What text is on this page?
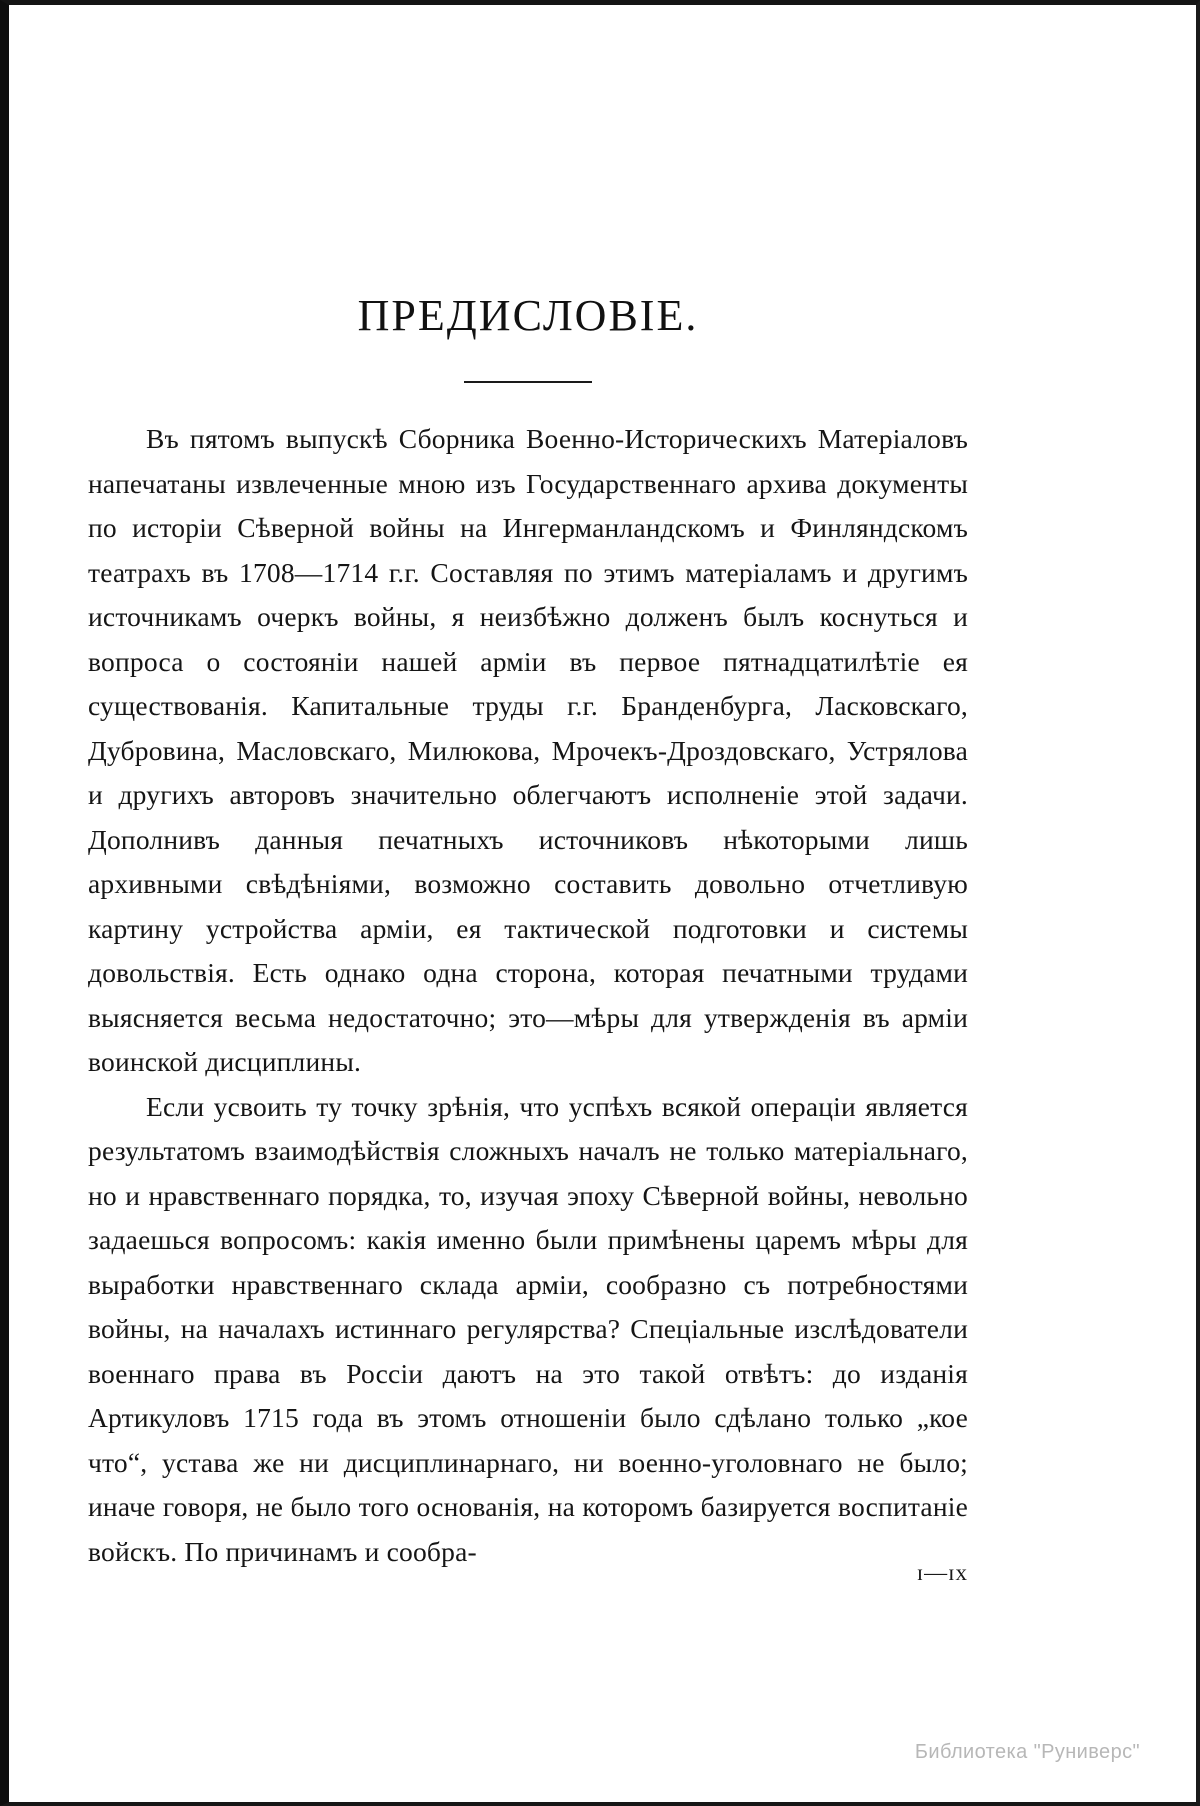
ПРЕДИСЛОВІЕ.

Въ пятомъ выпускѣ Сборника Военно-Историческихъ Матеріаловъ напечатаны извлеченные мною изъ Государственнаго архива документы по исторіи Сѣверной войны на Ингерманландскомъ и Финляндскомъ театрахъ въ 1708—1714 г.г. Составляя по этимъ матеріаламъ и другимъ источникамъ очеркъ войны, я неизбѣжно долженъ былъ коснуться и вопроса о состояніи нашей арміи въ первое пятнадцатилѣтіе ея существованія. Капитальные труды г.г. Бранденбурга, Ласковскаго, Дубровина, Масловскаго, Милюкова, Мрочекъ-Дроздовскаго, Устрялова и другихъ авторовъ значительно облегчаютъ исполненіе этой задачи. Дополнивъ данныя печатныхъ источниковъ нѣкоторыми лишь архивными свѣдѣніями, возможно составить довольно отчетливую картину устройства арміи, ея тактической подготовки и системы довольствія. Есть однако одна сторона, которая печатными трудами выясняется весьма недостаточно; это—мѣры для утвержденія въ арміи воинской дисциплины.

Если усвоить ту точку зрѣнія, что успѣхъ всякой операціи является результатомъ взаимодѣйствія сложныхъ началъ не только матеріальнаго, но и нравственнаго порядка, то, изучая эпоху Сѣверной войны, невольно задаешься вопросомъ: какія именно были примѣнены царемъ мѣры для выработки нравственнаго склада арміи, сообразно съ потребностями войны, на началахъ истиннаго регулярства? Спеціальные изслѣдователи военнаго права въ Россіи даютъ на это такой отвѣтъ: до изданія Артикуловъ 1715 года въ этомъ отношеніи было сдѣлано только „кое что“, устава же ни дисциплинарнаго, ни военно-уголовнаго не было; иначе говоря, не было того основанія, на которомъ базируется воспитаніе войскъ. По причинамъ и сообра-

ɪ—ɪx
Библиотека "Руниверс"
